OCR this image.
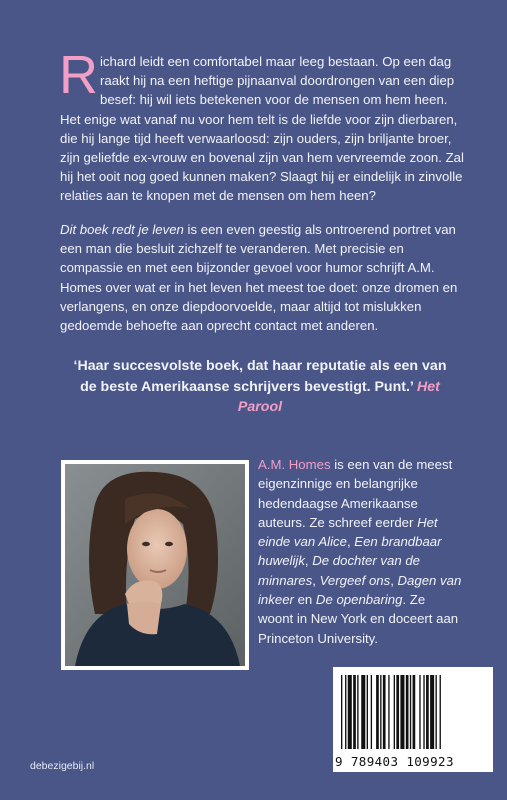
Richard leidt een comfortabel maar leeg bestaan. Op een dag raakt hij na een heftige pijnaanval doordrongen van een diep besef: hij wil iets betekenen voor de mensen om hem heen. Het enige wat vanaf nu voor hem telt is de liefde voor zijn dierbaren, die hij lange tijd heeft verwaarloosd: zijn ouders, zijn briljante broer, zijn geliefde ex-vrouw en bovenal zijn van hem vervreemde zoon. Zal hij het ooit nog goed kunnen maken? Slaagt hij er eindelijk in zinvolle relaties aan te knopen met de mensen om hem heen?

Dit boek redt je leven is een even geestig als ontroerend portret van een man die besluit zichzelf te veranderen. Met precisie en compassie en met een bijzonder gevoel voor humor schrijft A.M. Homes over wat er in het leven het meest toe doet: onze dromen en verlangens, en onze diepdoorvoelde, maar altijd tot mislukken gedoemde behoefte aan oprecht contact met anderen.

‘Haar succesvolste boek, dat haar reputatie als een van de beste Amerikaanse schrijvers bevestigt. Punt.’ Het Parool

A.M. Homes is een van de meest eigenzinnige en belangrijke hedendaagse Amerikaanse auteurs. Ze schreef eerder Het einde van Alice, Een brandbaar huwelijk, De dochter van de minnares, Vergeef ons, Dagen van inkeer en De openbaring. Ze woont in New York en doceert aan Princeton University.

9 789403 109923
debezigebij.nl
